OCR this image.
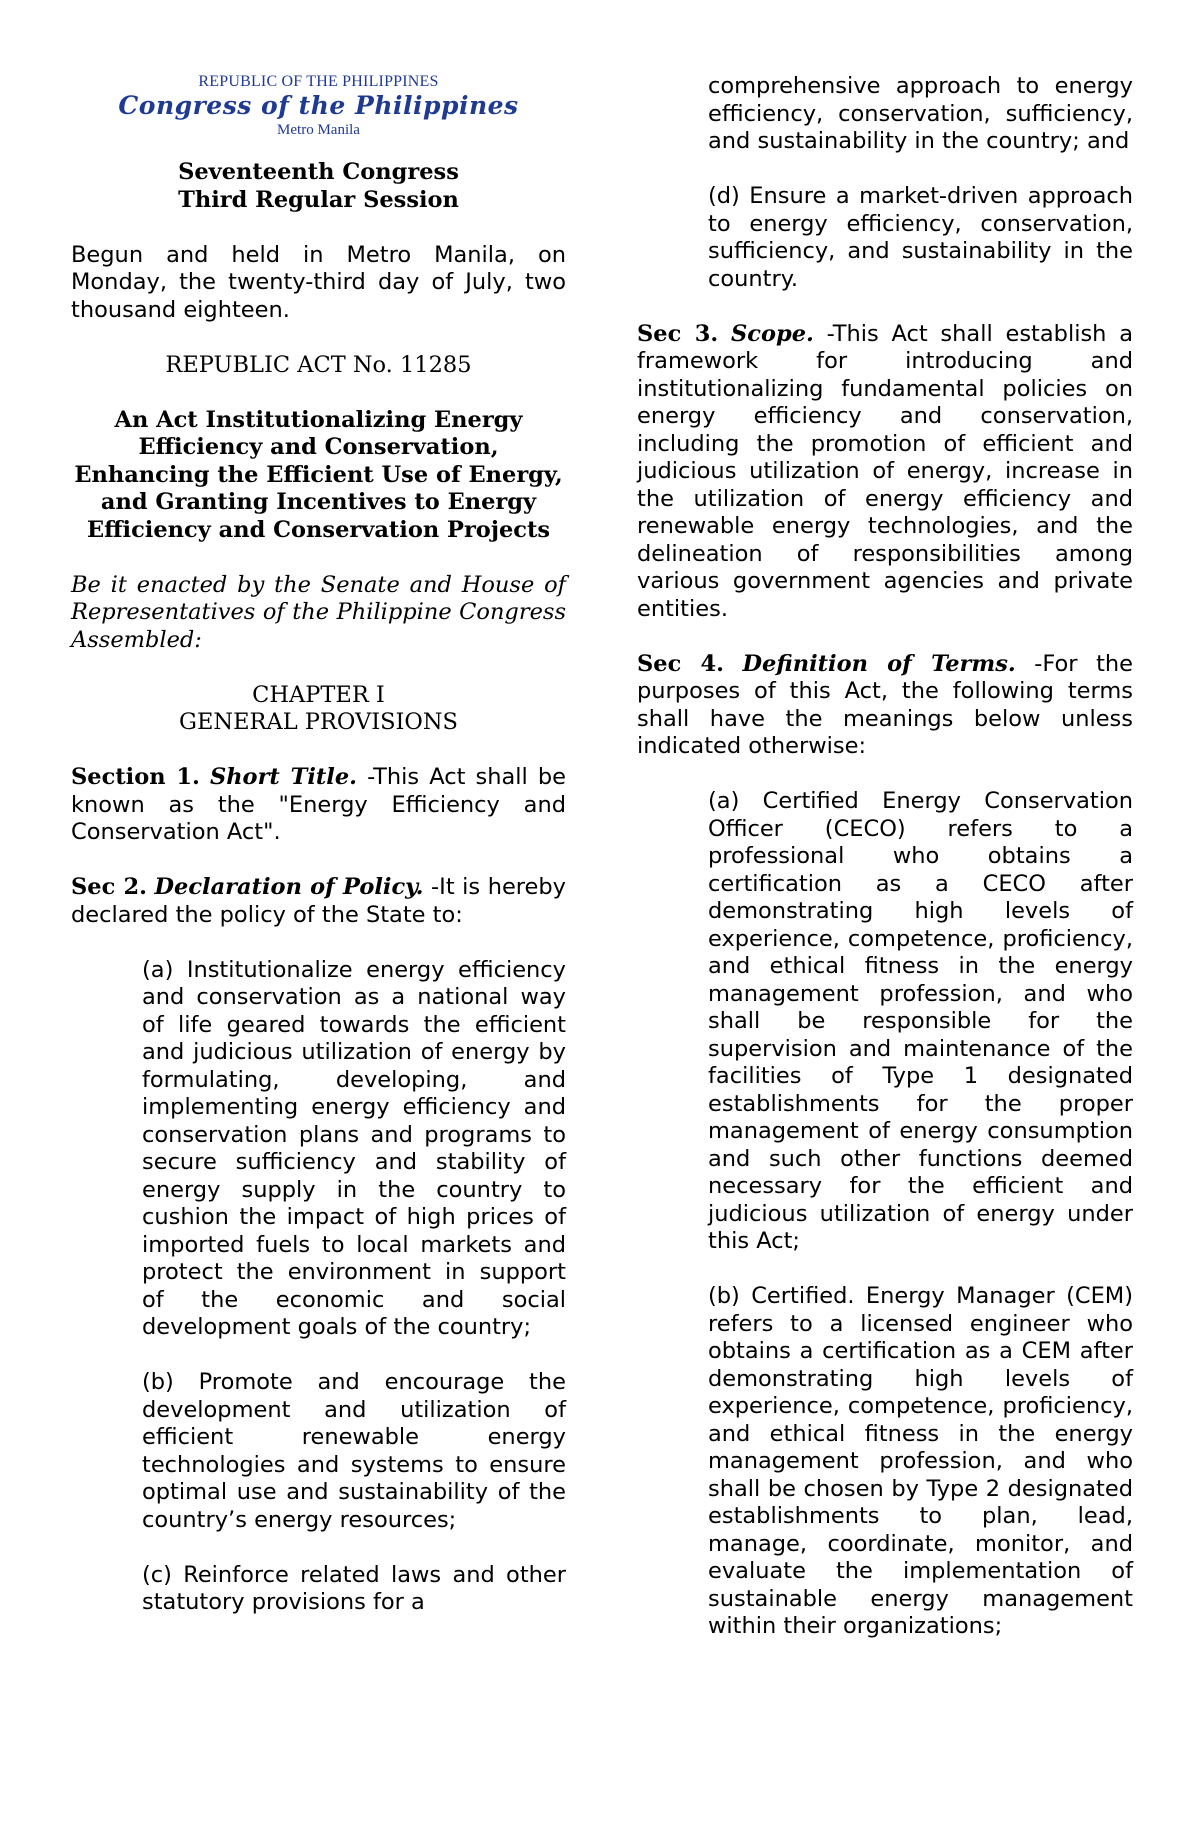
REPUBLIC OF THE PHILIPPINES
Congress of the Philippines
Metro Manila
Seventeenth Congress
Third Regular Session

Begun and held in Metro Manila, on Monday, the twenty-third day of July, two thousand eighteen.

REPUBLIC ACT No. 11285

An Act Institutionalizing Energy Efficiency and Conservation, Enhancing the Efficient Use of Energy, and Granting Incentives to Energy Efficiency and Conservation Projects

Be it enacted by the Senate and House of Representatives of the Philippine Congress Assembled:

CHAPTER I
GENERAL PROVISIONS

Section 1. Short Title. -This Act shall be known as the "Energy Efficiency and Conservation Act".

Sec 2. Declaration of Policy. -It is hereby declared the policy of the State to:

(a) Institutionalize energy efficiency and conservation as a national way of life geared towards the efficient and judicious utilization of energy by formulating, developing, and implementing energy efficiency and conservation plans and programs to secure sufficiency and stability of energy supply in the country to cushion the impact of high prices of imported fuels to local markets and protect the environment in support of the economic and social development goals of the country;

(b) Promote and encourage the development and utilization of efficient renewable energy technologies and systems to ensure optimal use and sustainability of the country’s energy resources;

(c) Reinforce related laws and other statutory provisions for a

comprehensive approach to energy efficiency, conservation, sufficiency, and sustainability in the country; and

(d) Ensure a market-driven approach to energy efficiency, conservation, sufficiency, and sustainability in the country.

Sec 3. Scope. -This Act shall establish a framework for introducing and institutionalizing fundamental policies on energy efficiency and conservation, including the promotion of efficient and judicious utilization of energy, increase in the utilization of energy efficiency and renewable energy technologies, and the delineation of responsibilities among various government agencies and private entities.

Sec 4. Definition of Terms. -For the purposes of this Act, the following terms shall have the meanings below unless indicated otherwise:

(a) Certified Energy Conservation Officer (CECO) refers to a professional who obtains a certification as a CECO after demonstrating high levels of experience, competence, proficiency, and ethical fitness in the energy management profession, and who shall be responsible for the supervision and maintenance of the facilities of Type 1 designated establishments for the proper management of energy consumption and such other functions deemed necessary for the efficient and judicious utilization of energy under this Act;

(b) Certified. Energy Manager (CEM) refers to a licensed engineer who obtains a certification as a CEM after demonstrating high levels of experience, competence, proficiency, and ethical fitness in the energy management profession, and who shall be chosen by Type 2 designated establishments to plan, lead, manage, coordinate, monitor, and evaluate the implementation of sustainable energy management within their organizations;
